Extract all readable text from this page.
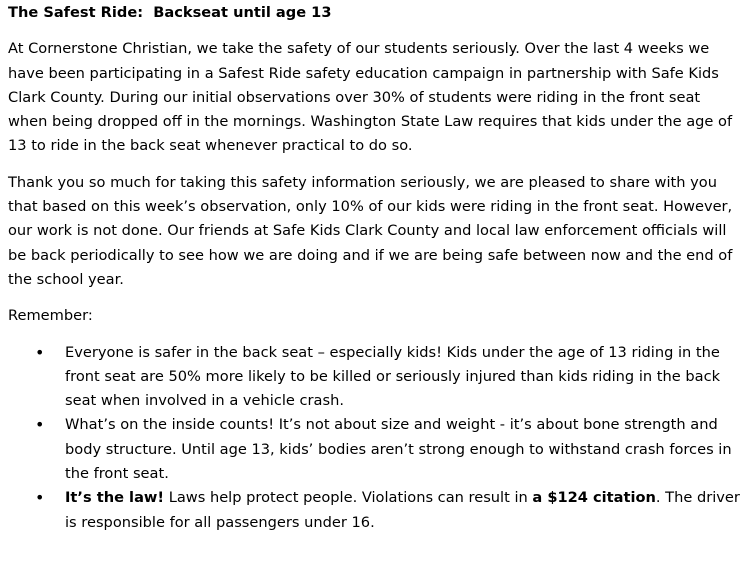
The Safest Ride:  Backseat until age 13

At Cornerstone Christian, we take the safety of our students seriously. Over the last 4 weeks we have been participating in a Safest Ride safety education campaign in partnership with Safe Kids Clark County. During our initial observations over 30% of students were riding in the front seat when being dropped off in the mornings. Washington State Law requires that kids under the age of 13 to ride in the back seat whenever practical to do so.

Thank you so much for taking this safety information seriously, we are pleased to share with you that based on this week’s observation, only 10% of our kids were riding in the front seat. However, our work is not done. Our friends at Safe Kids Clark County and local law enforcement officials will be back periodically to see how we are doing and if we are being safe between now and the end of the school year.

Remember:
• Everyone is safer in the back seat – especially kids! Kids under the age of 13 riding in the front seat are 50% more likely to be killed or seriously injured than kids riding in the back seat when involved in a vehicle crash.
• What’s on the inside counts! It’s not about size and weight - it’s about bone strength and body structure. Until age 13, kids’ bodies aren’t strong enough to withstand crash forces in the front seat.
• It’s the law! Laws help protect people. Violations can result in a $124 citation. The driver is responsible for all passengers under 16.
